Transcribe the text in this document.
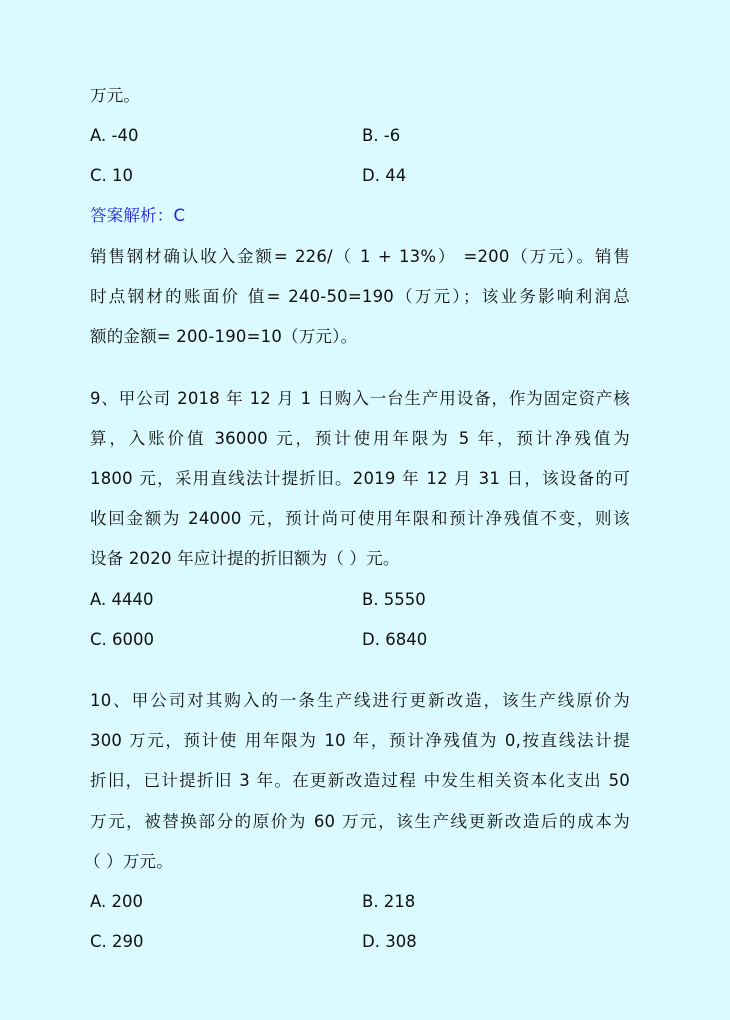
万元。
A. -40	B. -6
C. 10	D. 44
答案解析：C
销售钢材确认收入金额= 226/（ 1 + 13%） =200（万元）。销售
时点钢材的账面价 值= 240-50=190（万元）；该业务影响利润总
额的金额= 200-190=10（万元）。
9、甲公司 2018 年 12 月 1 日购入一台生产用设备，作为固定资产核
算，入账价值 36000 元，预计使用年限为 5 年，预计净残值为
1800 元，采用直线法计提折旧。2019 年 12 月 31 日，该设备的可
收回金额为 24000 元，预计尚可使用年限和预计净残值不变，则该
设备 2020 年应计提的折旧额为（ ）元。
A. 4440	B. 5550
C. 6000	D. 6840
10、甲公司对其购入的一条生产线进行更新改造，该生产线原价为
300 万元，预计使 用年限为 10 年，预计净残值为 0,按直线法计提
折旧，已计提折旧 3 年。在更新改造过程 中发生相关资本化支出 50
万元，被替换部分的原价为 60 万元，该生产线更新改造后的成本为
（ ）万元。
A. 200	B. 218
C. 290	D. 308
